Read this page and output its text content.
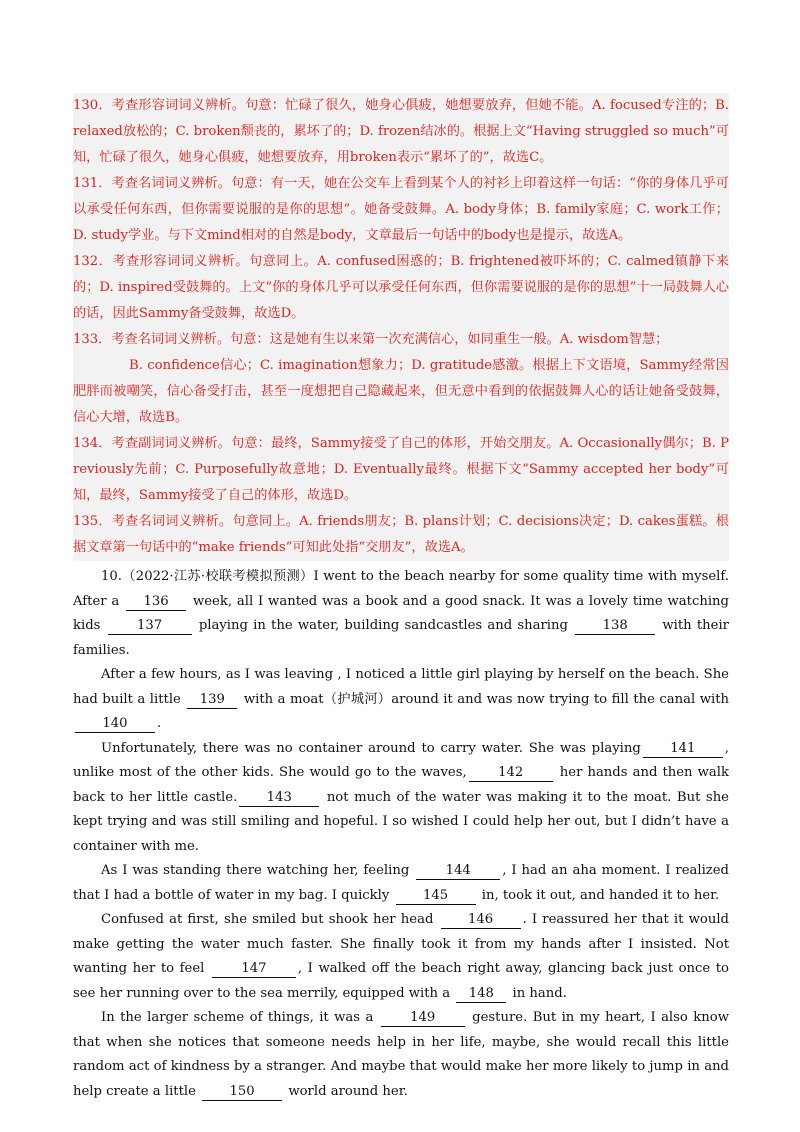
130．考查形容词词义辨析。句意：忙碌了很久，她身心俱疲，她想要放弃，但她不能。A. focused专注的；B. relaxed放松的；C. broken颓丧的，累坏了的；D. frozen结冰的。根据上文“Having struggled so much”可知，忙碌了很久，她身心俱疲，她想要放弃，用broken表示“累坏了的”，故选C。

131．考查名词词义辨析。句意：有一天，她在公交车上看到某个人的衬衫上印着这样一句话：“你的身体几乎可以承受任何东西，但你需要说服的是你的思想”。她备受鼓舞。A. body身体；B. family家庭；C. work工作；D. study学业。与下文mind相对的自然是body，文章最后一句话中的body也是提示，故选A。

132．考查形容词词义辨析。句意同上。A. confused困惑的；B. frightened被吓坏的；C. calmed镇静下来的；D. inspired受鼓舞的。上文“你的身体几乎可以承受任何东西，但你需要说服的是你的思想”十一局鼓舞人心的话，因此Sammy备受鼓舞，故选D。

133．考查名词词义辨析。句意：这是她有生以来第一次充满信心，如同重生一般。A. wisdom智慧；
B. confidence信心；C. imagination想象力；D. gratitude感激。根据上下文语境，Sammy经常因肥胖而被嘲笑，信心备受打击，甚至一度想把自己隐藏起来，但无意中看到的依据鼓舞人心的话让她备受鼓舞，信心大增，故选B。

134．考查副词词义辨析。句意：最终，Sammy接受了自己的体形，开始交朋友。A. Occasionally偶尔；B. Previously先前；C. Purposefully故意地；D. Eventually最终。根据下文“Sammy accepted her body”可知，最终，Sammy接受了自己的体形，故选D。

135．考查名词词义辨析。句意同上。A. friends朋友；B. plans计划；C. decisions决定；D. cakes蛋糕。根据文章第一句话中的“make friends”可知此处指“交朋友”，故选A。

10.（2022·江苏·校联考模拟预测）I went to the beach nearby for some quality time with myself. After a 136 week, all I wanted was a book and a good snack. It was a lovely time watching kids	137	playing in the water, building sandcastles and sharing	138	with their families.

After a few hours, as I was leaving , I noticed a little girl playing by herself on the beach. She had built a little 139 with a moat（护城河）around it and was now trying to fill the canal with 140 .

Unfortunately, there was no container around to carry water. She was playing 141 , unlike most of the other kids. She would go to the waves, 142	her hands and then walk back to her little castle. 143	not much of the water was making it to the moat. But she kept trying and was still smiling and hopeful. I so wished I could help her out, but I didn’t have a container with me.

As I was standing there watching her, feeling	144 , I had an aha moment. I realized that I had a bottle of water in my bag. I quickly	145	in, took it out, and handed it to her.

Confused at first, she smiled but shook her head	146 . I reassured her that it would make getting the water much faster. She finally took it from my hands after I insisted. Not wanting her to feel	147 , I walked off the beach right away, glancing back just once to see her running over to the sea merrily, equipped with a 148 in hand.

In the larger scheme of things, it was a	149	gesture. But in my heart, I also know that when she notices that someone needs help in her life, maybe, she would recall this little random act of kindness by a stranger. And maybe that would make her more likely to jump in and help create a little	150	world around her.
